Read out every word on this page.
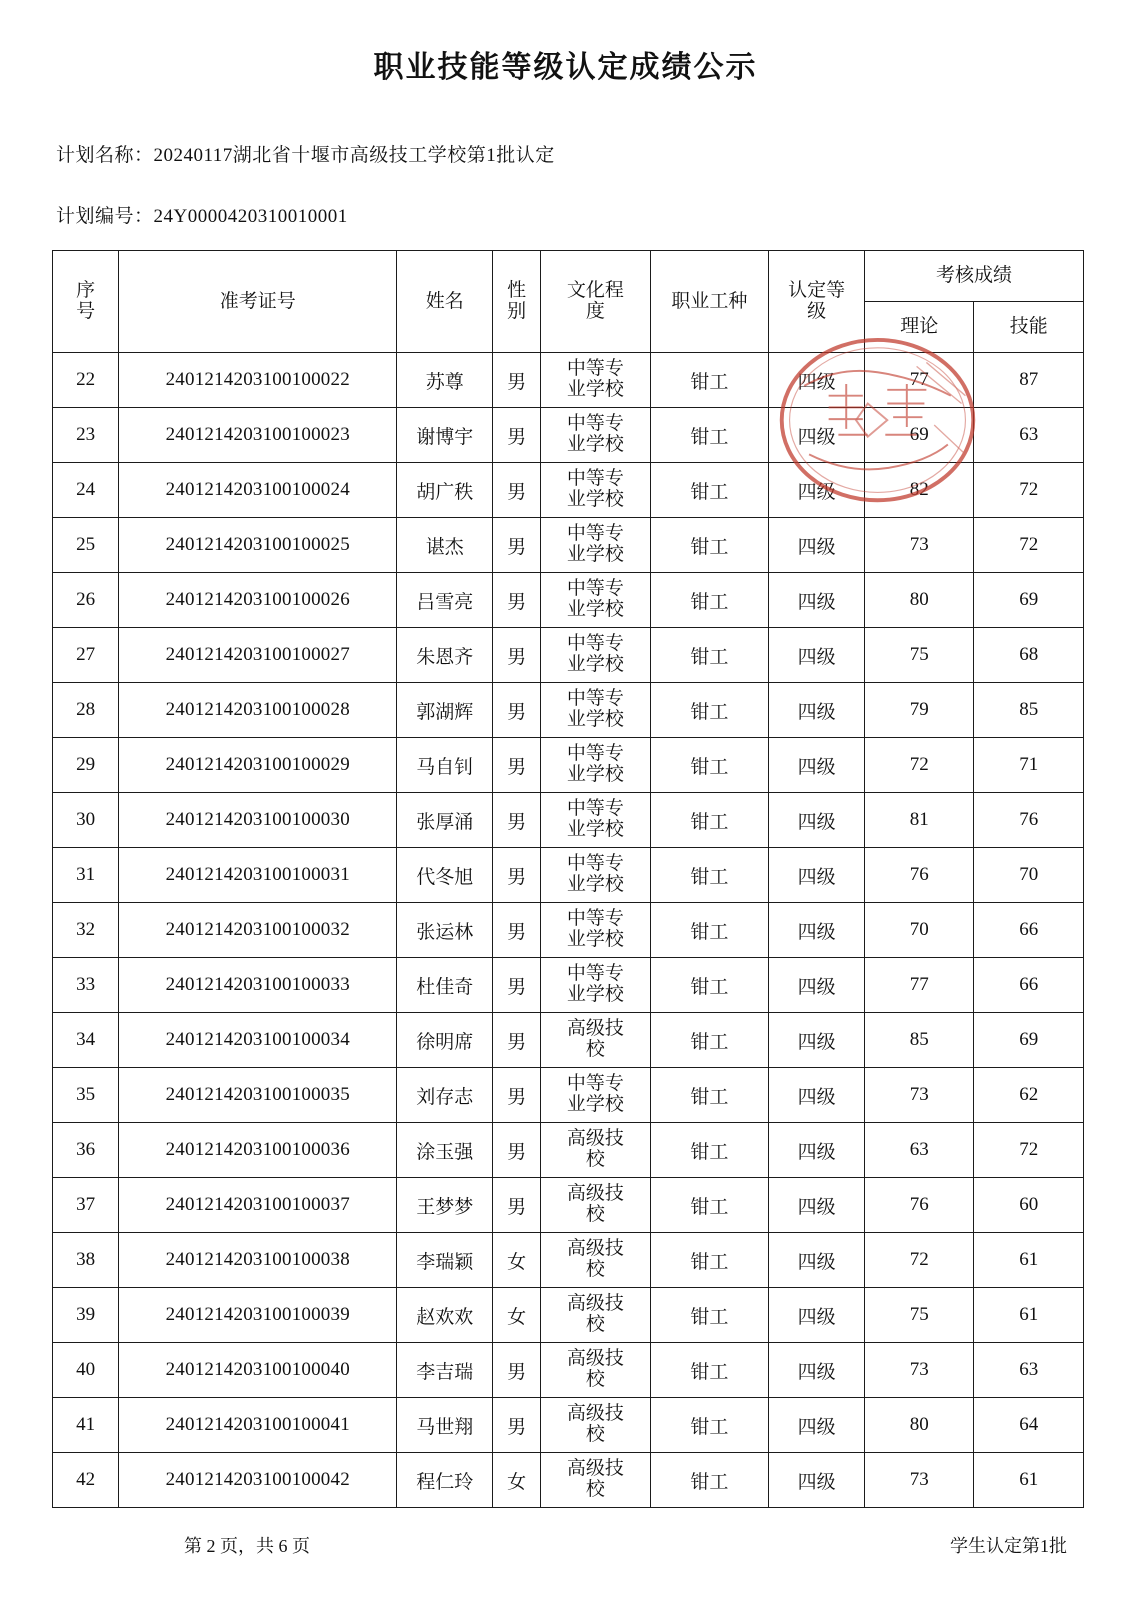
职业技能等级认定成绩公示

计划名称：20240117湖北省十堰市高级技工学校第1批认定

计划编号：24Y0000420310010001

序
号	准考证号	姓名	性
别	文化程
度	职业工种	认定等
级	考核成绩	
							理论	技能
22	2401214203100100022	苏尊	男	中等专
业学校	钳工	四级	77	87
23	2401214203100100023	谢博宇	男	中等专
业学校	钳工	四级	69	63
24	2401214203100100024	胡广秩	男	中等专
业学校	钳工	四级	82	72
25	2401214203100100025	谌杰	男	中等专
业学校	钳工	四级	73	72
26	2401214203100100026	吕雪亮	男	中等专
业学校	钳工	四级	80	69
27	2401214203100100027	朱恩齐	男	中等专
业学校	钳工	四级	75	68
28	2401214203100100028	郭湖辉	男	中等专
业学校	钳工	四级	79	85
29	2401214203100100029	马自钊	男	中等专
业学校	钳工	四级	72	71
30	2401214203100100030	张厚涌	男	中等专
业学校	钳工	四级	81	76
31	2401214203100100031	代冬旭	男	中等专
业学校	钳工	四级	76	70
32	2401214203100100032	张运林	男	中等专
业学校	钳工	四级	70	66
33	2401214203100100033	杜佳奇	男	中等专
业学校	钳工	四级	77	66
34	2401214203100100034	徐明席	男	高级技
校	钳工	四级	85	69
35	2401214203100100035	刘存志	男	中等专
业学校	钳工	四级	73	62
36	2401214203100100036	涂玉强	男	高级技
校	钳工	四级	63	72
37	2401214203100100037	王梦梦	男	高级技
校	钳工	四级	76	60
38	2401214203100100038	李瑞颖	女	高级技
校	钳工	四级	72	61
39	2401214203100100039	赵欢欢	女	高级技
校	钳工	四级	75	61
40	2401214203100100040	李吉瑞	男	高级技
校	钳工	四级	73	63
41	2401214203100100041	马世翔	男	高级技
校	钳工	四级	80	64
42	2401214203100100042	程仁玲	女	高级技
校	钳工	四级	73	61
第 2 页，共 6 页	学生认定第1批
